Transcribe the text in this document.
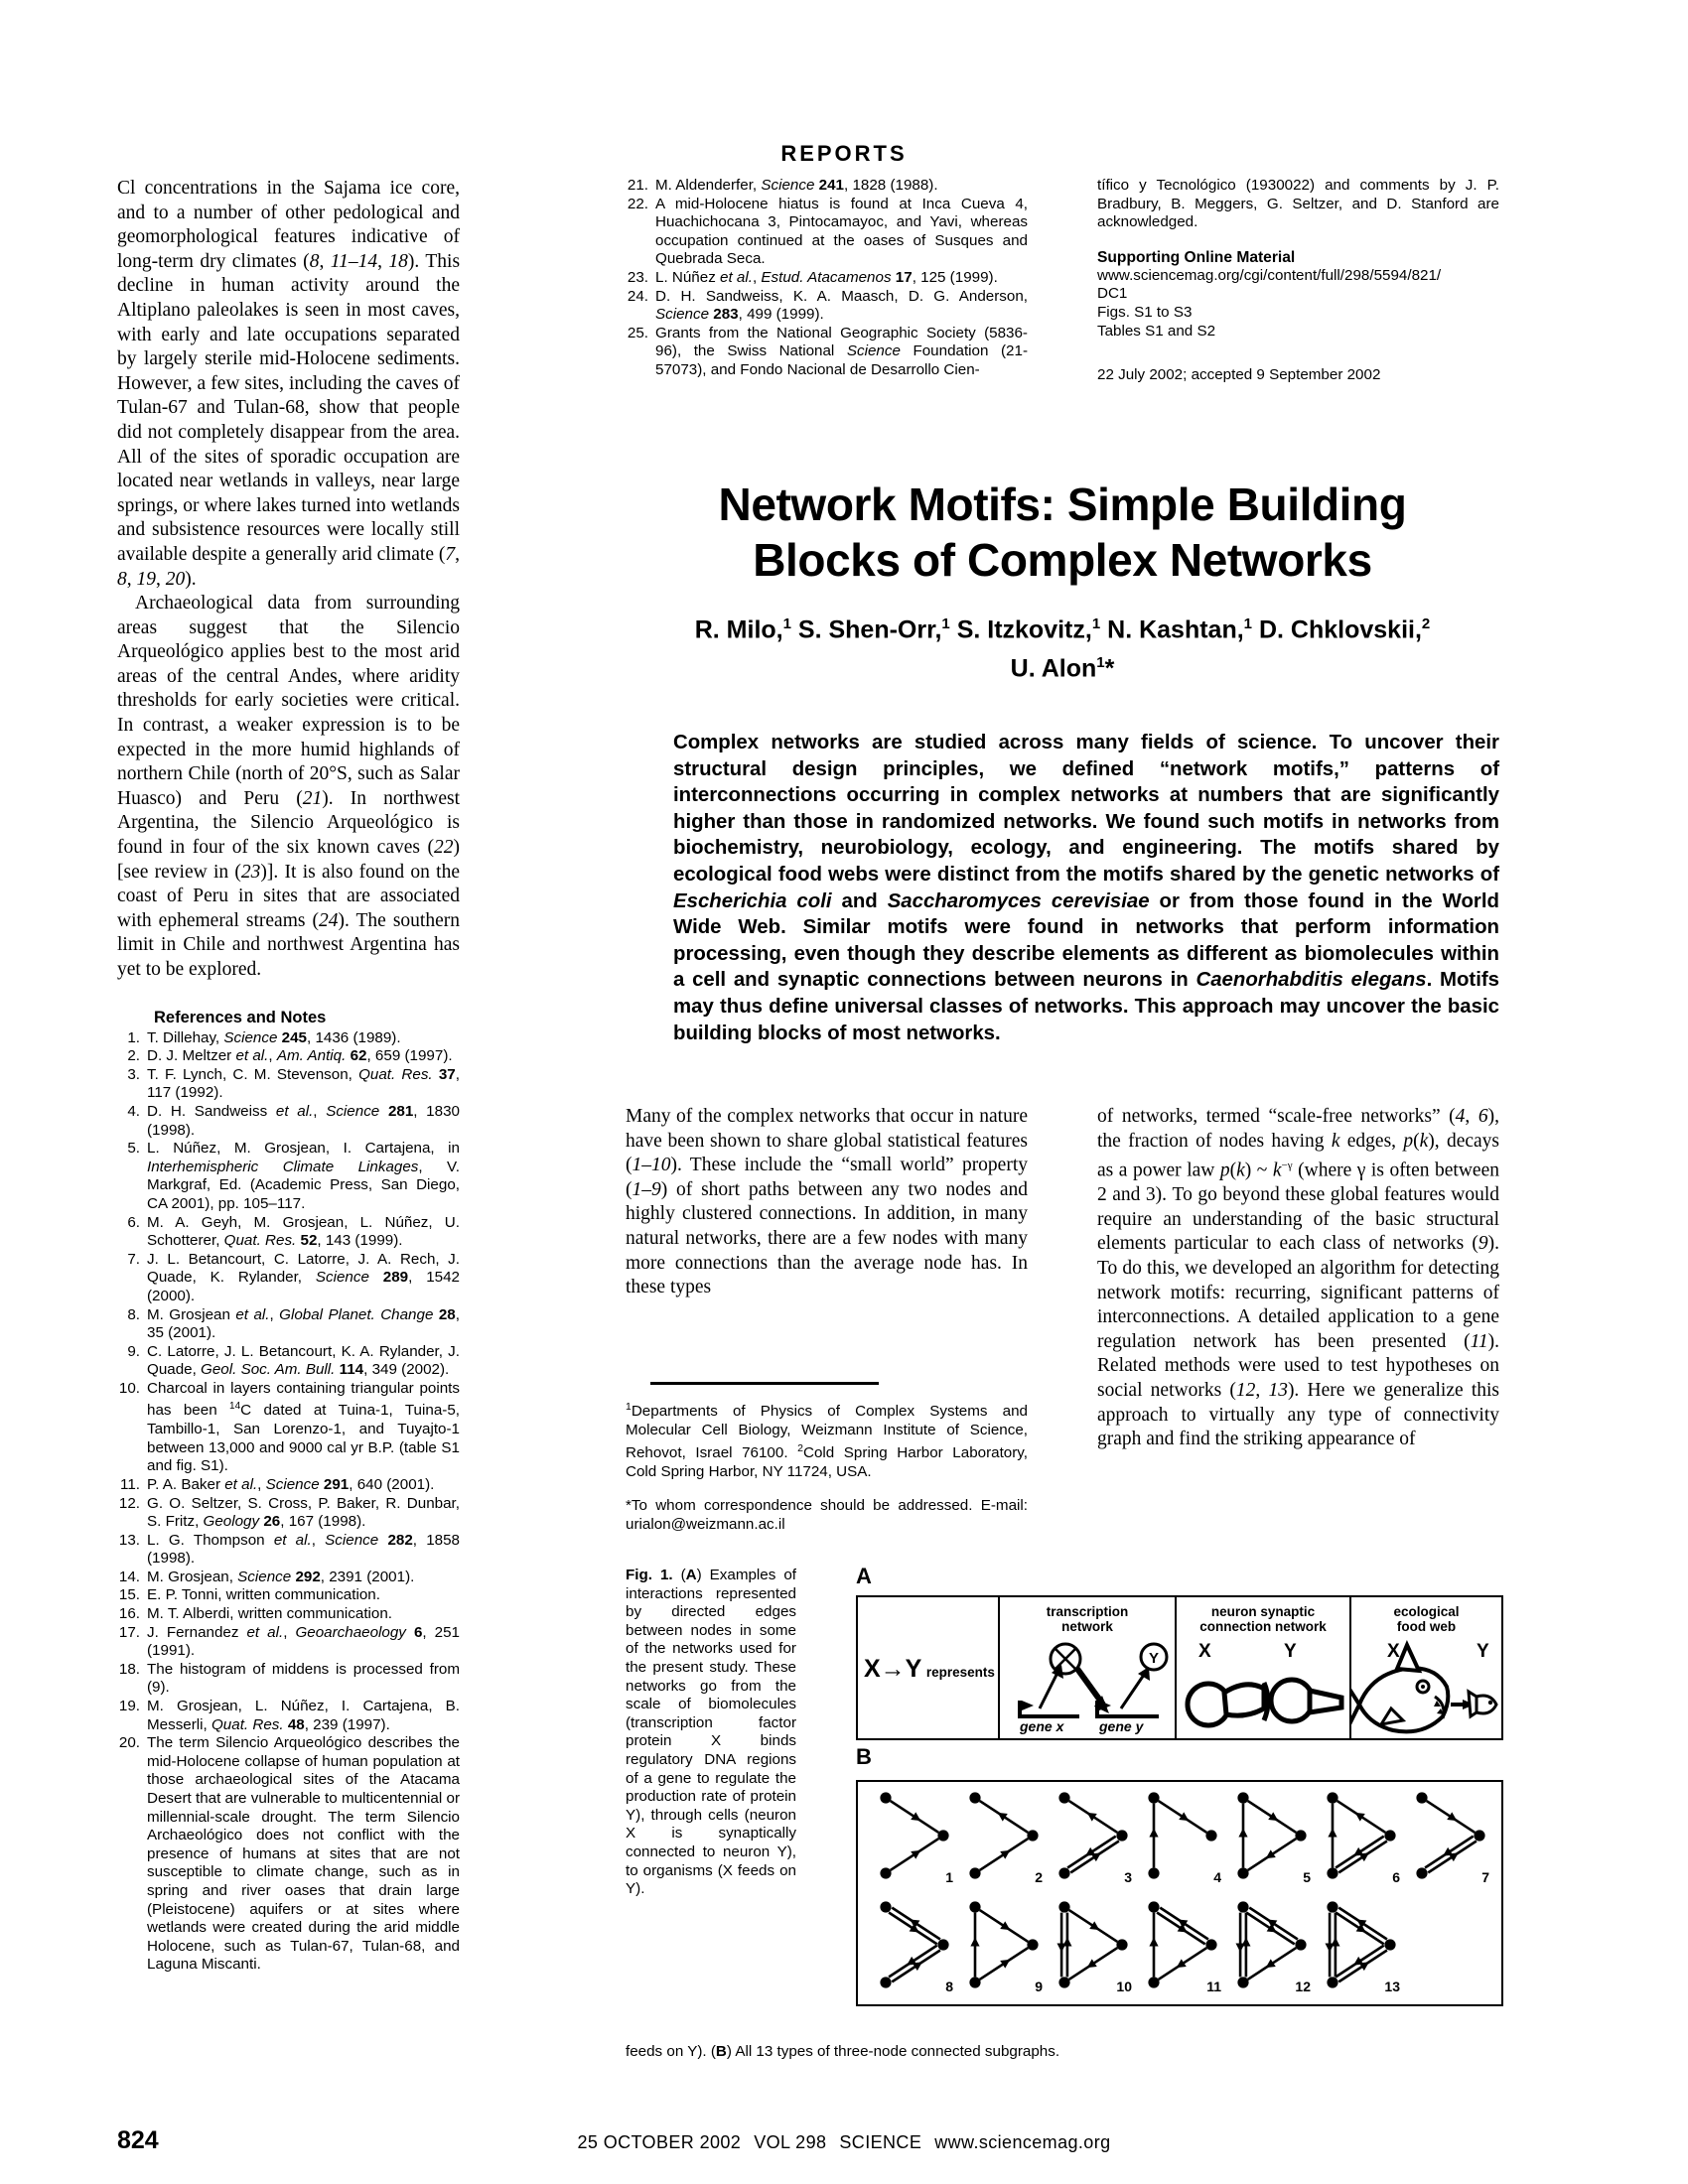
REPORTS

Cl concentrations in the Sajama ice core, and to a number of other pedological and geomorphological features indicative of long-term dry climates (8, 11–14, 18). This decline in human activity around the Altiplano paleolakes is seen in most caves, with early and late occupations separated by largely sterile mid-Holocene sediments. However, a few sites, including the caves of Tulan-67 and Tulan-68, show that people did not completely disappear from the area. All of the sites of sporadic occupation are located near wetlands in valleys, near large springs, or where lakes turned into wetlands and subsistence resources were locally still available despite a generally arid climate (7, 8, 19, 20).

Archaeological data from surrounding areas suggest that the Silencio Arqueológico applies best to the most arid areas of the central Andes, where aridity thresholds for early societies were critical. In contrast, a weaker expression is to be expected in the more humid highlands of northern Chile (north of 20°S, such as Salar Huasco) and Peru (21). In northwest Argentina, the Silencio Arqueológico is found in four of the six known caves (22) [see review in (23)]. It is also found on the coast of Peru in sites that are associated with ephemeral streams (24). The southern limit in Chile and northwest Argentina has yet to be explored.

References and Notes
1. T. Dillehay, Science 245, 1436 (1989).
2. D. J. Meltzer et al., Am. Antiq. 62, 659 (1997).
3. T. F. Lynch, C. M. Stevenson, Quat. Res. 37, 117 (1992).
4. D. H. Sandweiss et al., Science 281, 1830 (1998).
5. L. Núñez, M. Grosjean, I. Cartajena, in Interhemispheric Climate Linkages, V. Markgraf, Ed. (Academic Press, San Diego, CA 2001), pp. 105–117.
6. M. A. Geyh, M. Grosjean, L. Núñez, U. Schotterer, Quat. Res. 52, 143 (1999).
7. J. L. Betancourt, C. Latorre, J. A. Rech, J. Quade, K. Rylander, Science 289, 1542 (2000).
8. M. Grosjean et al., Global Planet. Change 28, 35 (2001).
9. C. Latorre, J. L. Betancourt, K. A. Rylander, J. Quade, Geol. Soc. Am. Bull. 114, 349 (2002).
10. Charcoal in layers containing triangular points has been $^{14}$C dated at Tuina-1, Tuina-5, Tambillo-1, San Lorenzo-1, and Tuyajto-1 between 13,000 and 9000 cal yr B.P. (table S1 and fig. S1).
11. P. A. Baker et al., Science 291, 640 (2001).
12. G. O. Seltzer, S. Cross, P. Baker, R. Dunbar, S. Fritz, Geology 26, 167 (1998).
13. L. G. Thompson et al., Science 282, 1858 (1998).
14. M. Grosjean, Science 292, 2391 (2001).
15. E. P. Tonni, written communication.
16. M. T. Alberdi, written communication.
17. J. Fernandez et al., Geoarchaeology 6, 251 (1991).
18. The histogram of middens is processed from (9).
19. M. Grosjean, L. Núñez, I. Cartajena, B. Messerli, Quat. Res. 48, 239 (1997).
20. The term Silencio Arqueológico describes the mid-Holocene collapse of human population at those archaeological sites of the Atacama Desert that are vulnerable to multicentennial or millennial-scale drought. The term Silencio Archaeológico does not conflict with the presence of humans at sites that are not susceptible to climate change, such as in spring and river oases that drain large (Pleistocene) aquifers or at sites where wetlands were created during the arid middle Holocene, such as Tulan-67, Tulan-68, and Laguna Miscanti.
21. M. Aldenderfer, Science 241, 1828 (1988).
22. A mid-Holocene hiatus is found at Inca Cueva 4, Huachichocana 3, Pintocamayoc, and Yavi, whereas occupation continued at the oases of Susques and Quebrada Seca.
23. L. Núñez et al., Estud. Atacamenos 17, 125 (1999).
24. D. H. Sandweiss, K. A. Maasch, D. G. Anderson, Science 283, 499 (1999).
25. Grants from the National Geographic Society (5836-96), the Swiss National Science Foundation (21-57073), and Fondo Nacional de Desarrollo Cien-
tífico y Tecnológico (1930022) and comments by J. P. Bradbury, B. Meggers, G. Seltzer, and D. Stanford are acknowledged.
Supporting Online Material
www.sciencemag.org/cgi/content/full/298/5594/821/
DC1
Figs. S1 to S3
Tables S1 and S2
22 July 2002; accepted 9 September 2002
Network Motifs: Simple Building
Blocks of Complex Networks
R. Milo,$^1$ S. Shen-Orr,$^1$ S. Itzkovitz,$^1$ N. Kashtan,$^1$ D. Chklovskii,$^2$
U. Alon$^1$*
Complex networks are studied across many fields of science. To uncover their structural design principles, we defined “network motifs,” patterns of interconnections occurring in complex networks at numbers that are significantly higher than those in randomized networks. We found such motifs in networks from biochemistry, neurobiology, ecology, and engineering. The motifs shared by ecological food webs were distinct from the motifs shared by the genetic networks of Escherichia coli and Saccharomyces cerevisiae or from those found in the World Wide Web. Similar motifs were found in networks that perform information processing, even though they describe elements as different as biomolecules within a cell and synaptic connections between neurons in Caenorhabditis elegans. Motifs may thus define universal classes of networks. This approach may uncover the basic building blocks of most networks.

Many of the complex networks that occur in nature have been shown to share global statistical features (1–10). These include the “small world” property (1–9) of short paths between any two nodes and highly clustered connections. In addition, in many natural networks, there are a few nodes with many more connections than the average node has. In these types

of networks, termed “scale-free networks” (4, 6), the fraction of nodes having k edges, p(k), decays as a power law p(k) ~ $k^{-\gamma}$ (where γ is often between 2 and 3). To go beyond these global features would require an understanding of the basic structural elements particular to each class of networks (9). To do this, we developed an algorithm for detecting network motifs: recurring, significant patterns of interconnections. A detailed application to a gene regulation network has been presented (11). Related methods were used to test hypotheses on social networks (12, 13). Here we generalize this approach to virtually any type of connectivity graph and find the striking appearance of

$^1$Departments of Physics of Complex Systems and Molecular Cell Biology, Weizmann Institute of Science, Rehovot, Israel 76100. $^2$Cold Spring Harbor Laboratory, Cold Spring Harbor, NY 11724, USA.
*To whom correspondence should be addressed. E-mail: urialon@weizmann.ac.il
Fig. 1. (A) Examples of interactions represented by directed edges between nodes in some of the networks used for the present study. These networks go from the scale of biomolecules (transcription factor protein X binds regulatory DNA regions of a gene to regulate the production rate of protein Y), through cells (neuron X is synaptically connected to neuron Y), to organisms (X feeds on Y).
feeds on Y). (B) All 13 types of three-node connected subgraphs.
A
X→Y represents
transcription
network
Y
gene x	gene y
neuron synaptic
connection network
X	Y
ecological
food web
X	Y
B
1	2	3	4	5	6	7
8	9	10	11	12	13
824	25 OCTOBER 2002 VOL 298 SCIENCE www.sciencemag.org
